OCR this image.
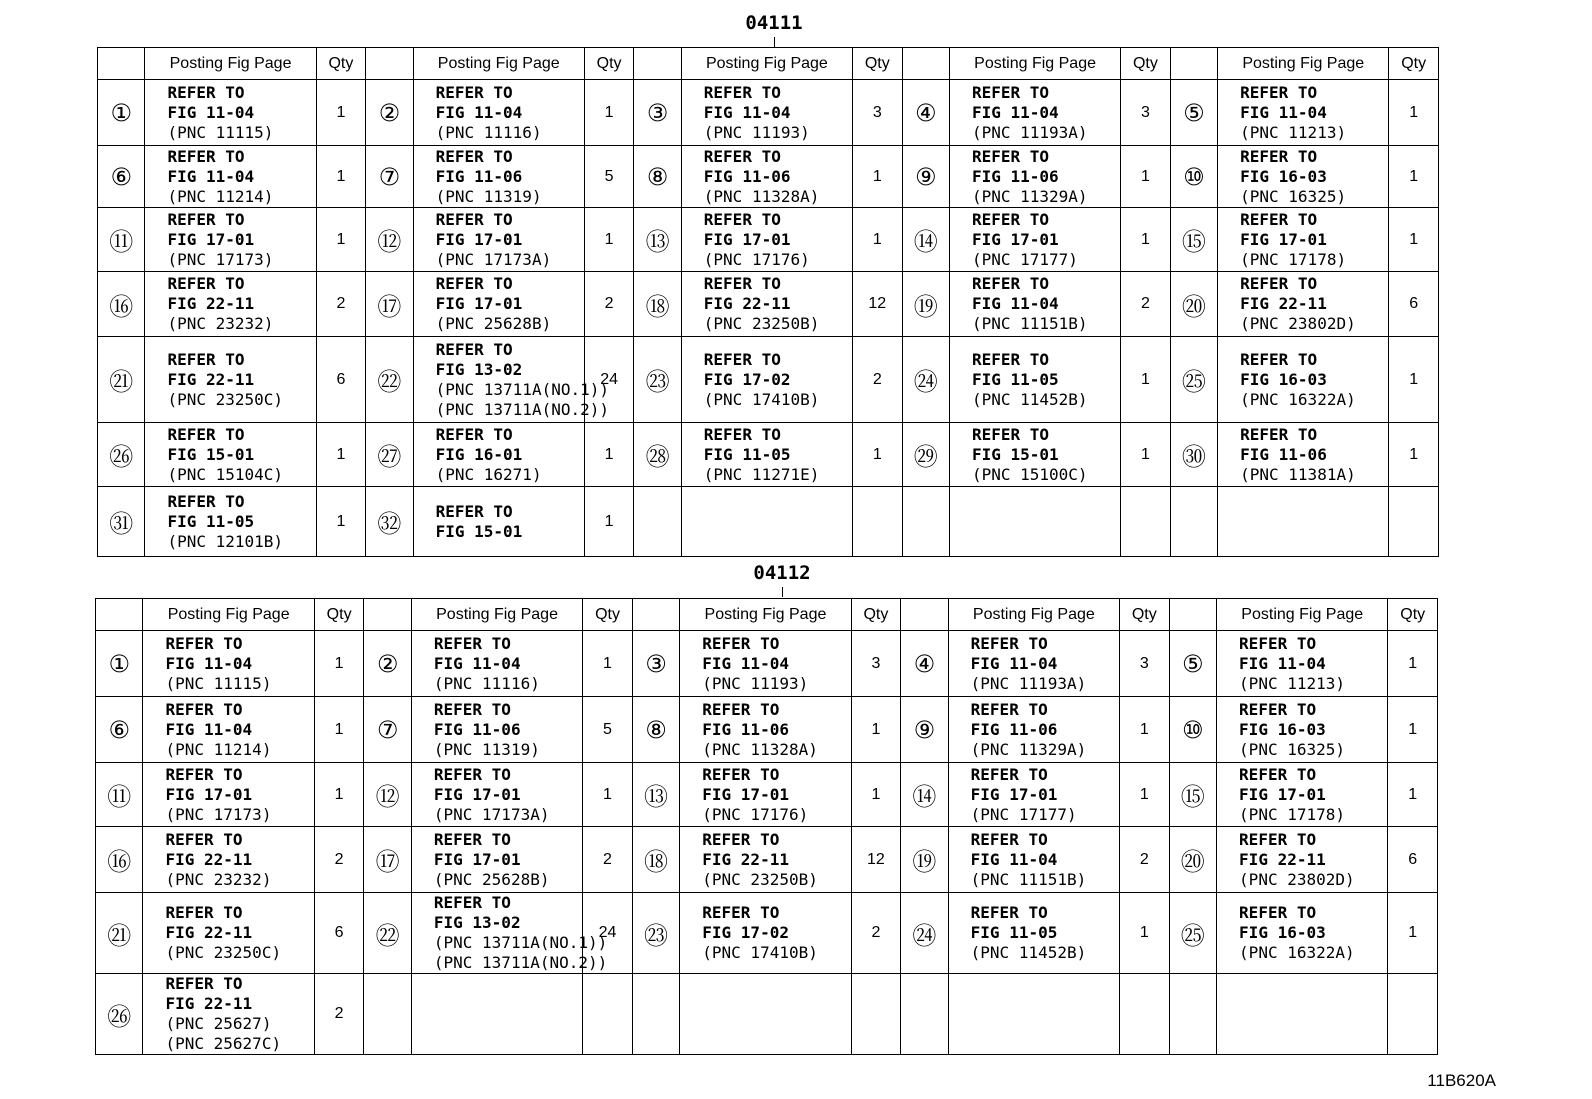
04111
	Posting Fig Page	Qty		Posting Fig Page	Qty		Posting Fig Page	Qty		Posting Fig Page	Qty		Posting Fig Page	Qty
①	REFER TO
FIG 11-04
(PNC 11115)	1	②	REFER TO
FIG 11-04
(PNC 11116)	1	③	REFER TO
FIG 11-04
(PNC 11193)	3	④	REFER TO
FIG 11-04
(PNC 11193A)	3	⑤	REFER TO
FIG 11-04
(PNC 11213)	1
⑥	REFER TO
FIG 11-04
(PNC 11214)	1	⑦	REFER TO
FIG 11-06
(PNC 11319)	5	⑧	REFER TO
FIG 11-06
(PNC 11328A)	1	⑨	REFER TO
FIG 11-06
(PNC 11329A)	1	⑩	REFER TO
FIG 16-03
(PNC 16325)	1
⑪	REFER TO
FIG 17-01
(PNC 17173)	1	⑫	REFER TO
FIG 17-01
(PNC 17173A)	1	⑬	REFER TO
FIG 17-01
(PNC 17176)	1	⑭	REFER TO
FIG 17-01
(PNC 17177)	1	⑮	REFER TO
FIG 17-01
(PNC 17178)	1
⑯	REFER TO
FIG 22-11
(PNC 23232)	2	⑰	REFER TO
FIG 17-01
(PNC 25628B)	2	⑱	REFER TO
FIG 22-11
(PNC 23250B)	12	⑲	REFER TO
FIG 11-04
(PNC 11151B)	2	⑳	REFER TO
FIG 22-11
(PNC 23802D)	6
㉑	REFER TO
FIG 22-11
(PNC 23250C)	6	㉒	REFER TO
FIG 13-02
(PNC 13711A(NO.1))
(PNC 13711A(NO.2))	24	㉓	REFER TO
FIG 17-02
(PNC 17410B)	2	㉔	REFER TO
FIG 11-05
(PNC 11452B)	1	㉕	REFER TO
FIG 16-03
(PNC 16322A)	1
㉖	REFER TO
FIG 15-01
(PNC 15104C)	1	㉗	REFER TO
FIG 16-01
(PNC 16271)	1	㉘	REFER TO
FIG 11-05
(PNC 11271E)	1	㉙	REFER TO
FIG 15-01
(PNC 15100C)	1	㉚	REFER TO
FIG 11-06
(PNC 11381A)	1
㉛	REFER TO
FIG 11-05
(PNC 12101B)	1	㉜	REFER TO
FIG 15-01	1									
04112
	Posting Fig Page	Qty		Posting Fig Page	Qty		Posting Fig Page	Qty		Posting Fig Page	Qty		Posting Fig Page	Qty
①	REFER TO
FIG 11-04
(PNC 11115)	1	②	REFER TO
FIG 11-04
(PNC 11116)	1	③	REFER TO
FIG 11-04
(PNC 11193)	3	④	REFER TO
FIG 11-04
(PNC 11193A)	3	⑤	REFER TO
FIG 11-04
(PNC 11213)	1
⑥	REFER TO
FIG 11-04
(PNC 11214)	1	⑦	REFER TO
FIG 11-06
(PNC 11319)	5	⑧	REFER TO
FIG 11-06
(PNC 11328A)	1	⑨	REFER TO
FIG 11-06
(PNC 11329A)	1	⑩	REFER TO
FIG 16-03
(PNC 16325)	1
⑪	REFER TO
FIG 17-01
(PNC 17173)	1	⑫	REFER TO
FIG 17-01
(PNC 17173A)	1	⑬	REFER TO
FIG 17-01
(PNC 17176)	1	⑭	REFER TO
FIG 17-01
(PNC 17177)	1	⑮	REFER TO
FIG 17-01
(PNC 17178)	1
⑯	REFER TO
FIG 22-11
(PNC 23232)	2	⑰	REFER TO
FIG 17-01
(PNC 25628B)	2	⑱	REFER TO
FIG 22-11
(PNC 23250B)	12	⑲	REFER TO
FIG 11-04
(PNC 11151B)	2	⑳	REFER TO
FIG 22-11
(PNC 23802D)	6
㉑	REFER TO
FIG 22-11
(PNC 23250C)	6	㉒	REFER TO
FIG 13-02
(PNC 13711A(NO.1))
(PNC 13711A(NO.2))	24	㉓	REFER TO
FIG 17-02
(PNC 17410B)	2	㉔	REFER TO
FIG 11-05
(PNC 11452B)	1	㉕	REFER TO
FIG 16-03
(PNC 16322A)	1
㉖	REFER TO
FIG 22-11
(PNC 25627)
(PNC 25627C)	2												
11B620A
